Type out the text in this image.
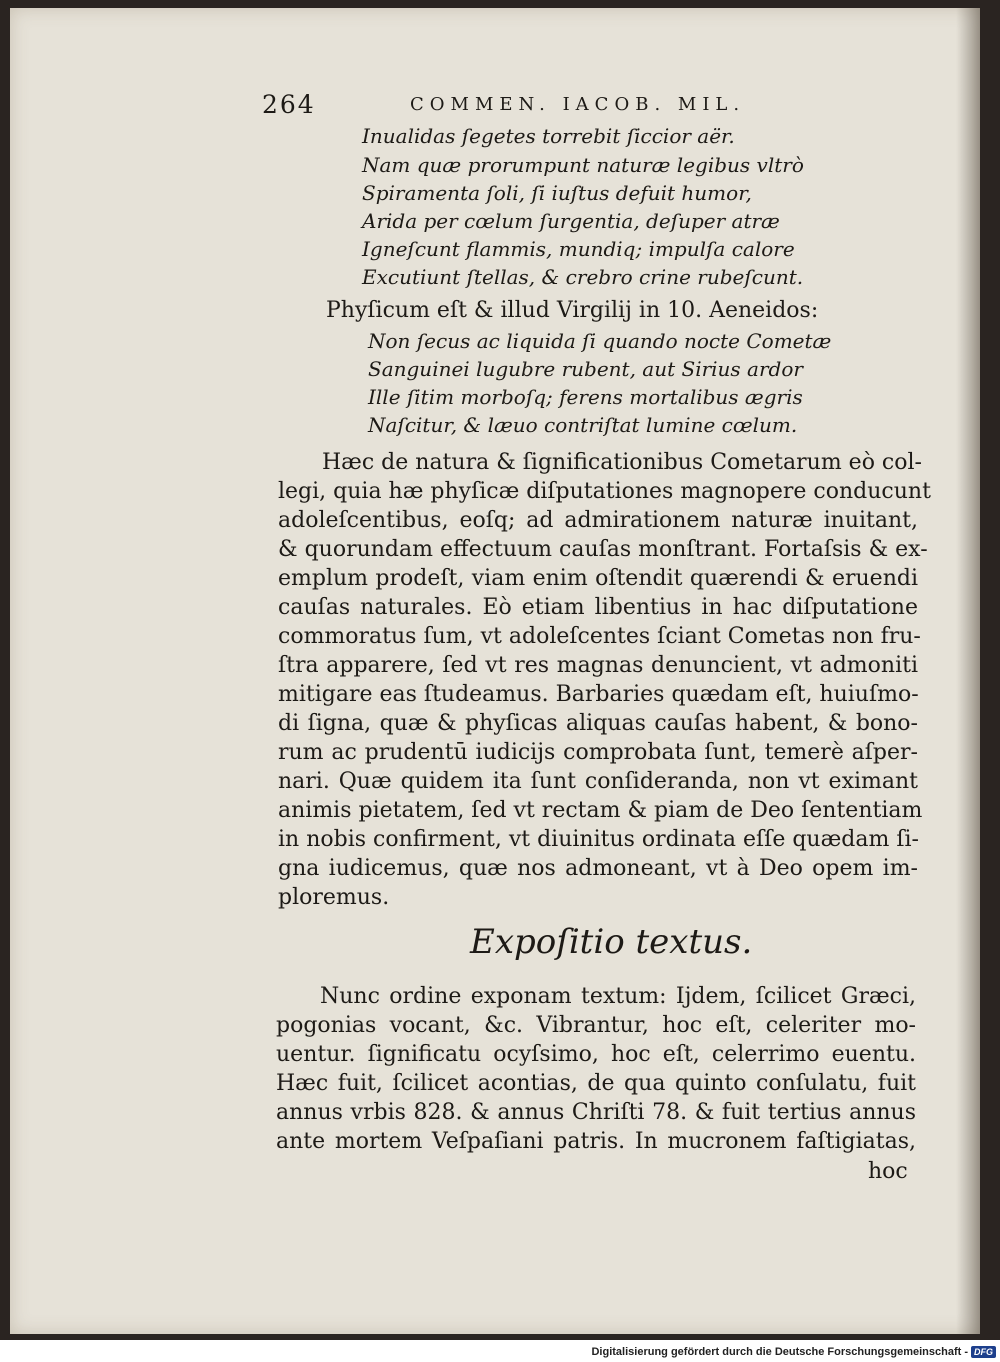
264	COMMEN. IACOB. MIL.
Inualidas ſegetes torrebit ſiccior aër.
Nam quæ prorumpunt naturæ legibus vltrò
Spiramenta ſoli, ſi iuſtus defuit humor,
Arida per cœlum ſurgentia, deſuper atræ
Igneſcunt flammis, mundiq; impulſa calore
Excutiunt ſtellas, & crebro crine rubeſcunt.
Phyſicum eſt & illud Virgilij in 10. Aeneidos:
Non ſecus ac liquida ſi quando nocte Cometæ
Sanguinei lugubre rubent, aut Sirius ardor
Ille ſitim morboſq; ferens mortalibus ægris
Naſcitur, & læuo contriſtat lumine cœlum.
Hæc de natura & ſignificationibus Cometarum eò col-
legi, quia hæ phyſicæ diſputationes magnopere conducunt
adoleſcentibus, eoſq; ad admirationem naturæ inuitant,
& quorundam effectuum cauſas monſtrant. Fortaſsis & ex-
emplum prodeſt, viam enim oſtendit quærendi & eruendi
cauſas naturales. Eò etiam libentius in hac diſputatione
commoratus ſum, vt adoleſcentes ſciant Cometas non fru-
ſtra apparere, ſed vt res magnas denuncient, vt admoniti
mitigare eas ſtudeamus. Barbaries quædam eſt, huiuſmo-
di ſigna, quæ & phyſicas aliquas cauſas habent, & bono-
rum ac prudentū iudicijs comprobata ſunt, temerè aſper-
nari. Quæ quidem ita ſunt conſideranda, non vt eximant
animis pietatem, ſed vt rectam & piam de Deo ſententiam
in nobis confirment, vt diuinitus ordinata eſſe quædam ſi-
gna iudicemus, quæ nos admoneant, vt à Deo opem im-
ploremus.
Expoſitio textus.
Nunc ordine exponam textum: Ijdem, ſcilicet Græci,
pogonias vocant, &c. Vibrantur, hoc eſt, celeriter mo-
uentur. ſignificatu ocyſsimo, hoc eſt, celerrimo euentu.
Hæc fuit, ſcilicet acontias, de qua quinto conſulatu, fuit
annus vrbis 828. & annus Chriſti 78. & fuit tertius annus
ante mortem Veſpaſiani patris. In mucronem faſtigiatas,
hoc
Digitalisierung gefördert durch die Deutsche Forschungsgemeinschaft - DFG
